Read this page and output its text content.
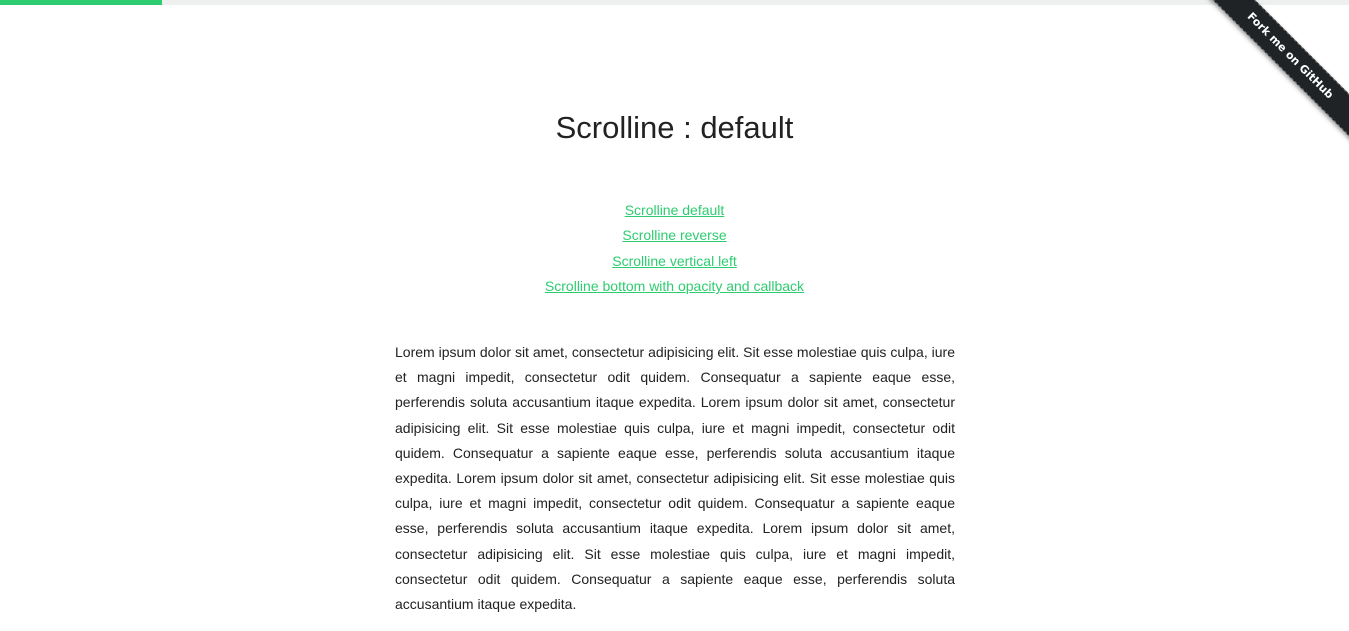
Fork me on GitHub
Scrolline : default
Scrolline default
Scrolline reverse
Scrolline vertical left
Scrolline bottom with opacity and callback

Lorem ipsum dolor sit amet, consectetur adipisicing elit. Sit esse molestiae quis culpa, iure et magni impedit, consectetur odit quidem. Consequatur a sapiente eaque esse, perferendis soluta accusantium itaque expedita. Lorem ipsum dolor sit amet, consectetur adipisicing elit. Sit esse molestiae quis culpa, iure et magni impedit, consectetur odit quidem. Consequatur a sapiente eaque esse, perferendis soluta accusantium itaque expedita. Lorem ipsum dolor sit amet, consectetur adipisicing elit. Sit esse molestiae quis culpa, iure et magni impedit, consectetur odit quidem. Consequatur a sapiente eaque esse, perferendis soluta accusantium itaque expedita. Lorem ipsum dolor sit amet, consectetur adipisicing elit. Sit esse molestiae quis culpa, iure et magni impedit, consectetur odit quidem. Consequatur a sapiente eaque esse, perferendis soluta accusantium itaque expedita.
